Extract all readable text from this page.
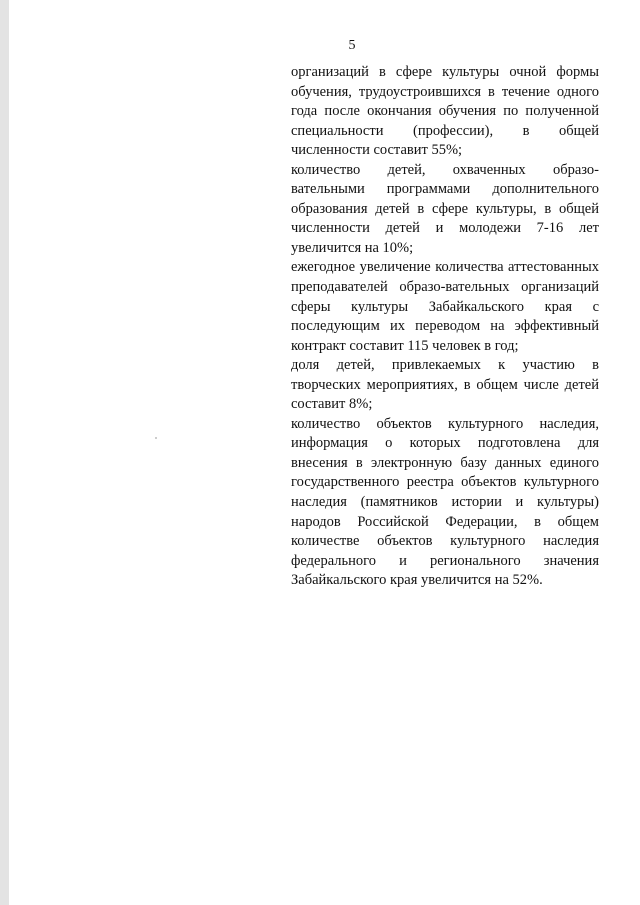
5

организаций в сфере культуры очной формы обучения, трудоустроившихся в течение одного года после окончания обучения по полученной специальности (профессии), в общей численности составит 55%;

количество детей, охваченных образо-вательными программами дополнительного образования детей в сфере культуры, в общей численности детей и молодежи 7-16 лет увеличится на 10%;

ежегодное увеличение количества аттестованных преподавателей образо-вательных организаций сферы культуры Забайкальского края с последующим их переводом на эффективный контракт составит 115 человек в год;

доля детей, привлекаемых к участию в творческих мероприятиях, в общем числе детей составит 8%;

количество объектов культурного наследия, информация о которых подготовлена для внесения в электронную базу данных единого государственного реестра объектов культурного наследия (памятников истории и культуры) народов Российской Федерации, в общем количестве объектов культурного наследия федерального и регионального значения Забайкальского края увеличится на 52%.
